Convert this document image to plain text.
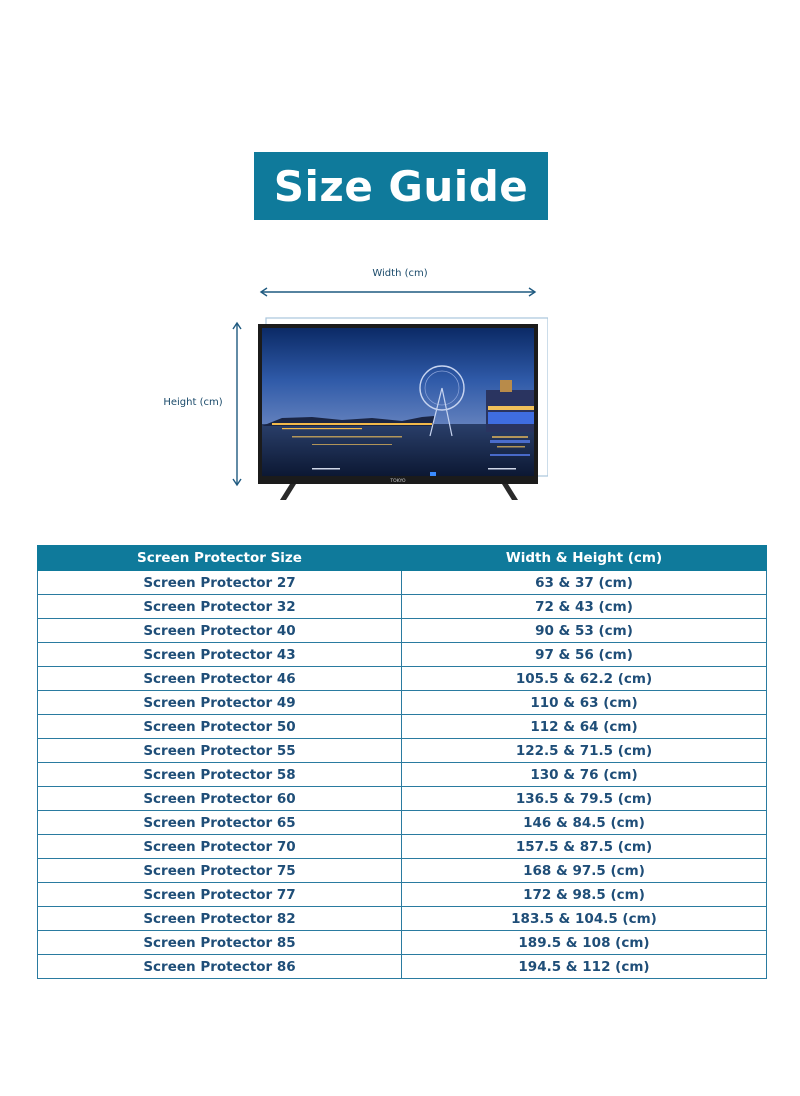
Size Guide
Width (cm)
Height (cm)
TOKYO
Screen Protector Size	Width & Height (cm)
Screen Protector 27	63 & 37 (cm)
Screen Protector 32	72 & 43 (cm)
Screen Protector 40	90 & 53 (cm)
Screen Protector 43	97 & 56 (cm)
Screen Protector 46	105.5 & 62.2 (cm)
Screen Protector 49	110 & 63 (cm)
Screen Protector 50	112 & 64 (cm)
Screen Protector 55	122.5 & 71.5 (cm)
Screen Protector 58	130 & 76 (cm)
Screen Protector 60	136.5 & 79.5 (cm)
Screen Protector 65	146 & 84.5 (cm)
Screen Protector 70	157.5 & 87.5 (cm)
Screen Protector 75	168 & 97.5 (cm)
Screen Protector 77	172 & 98.5 (cm)
Screen Protector 82	183.5 & 104.5 (cm)
Screen Protector 85	189.5 & 108 (cm)
Screen Protector 86	194.5 & 112 (cm)
